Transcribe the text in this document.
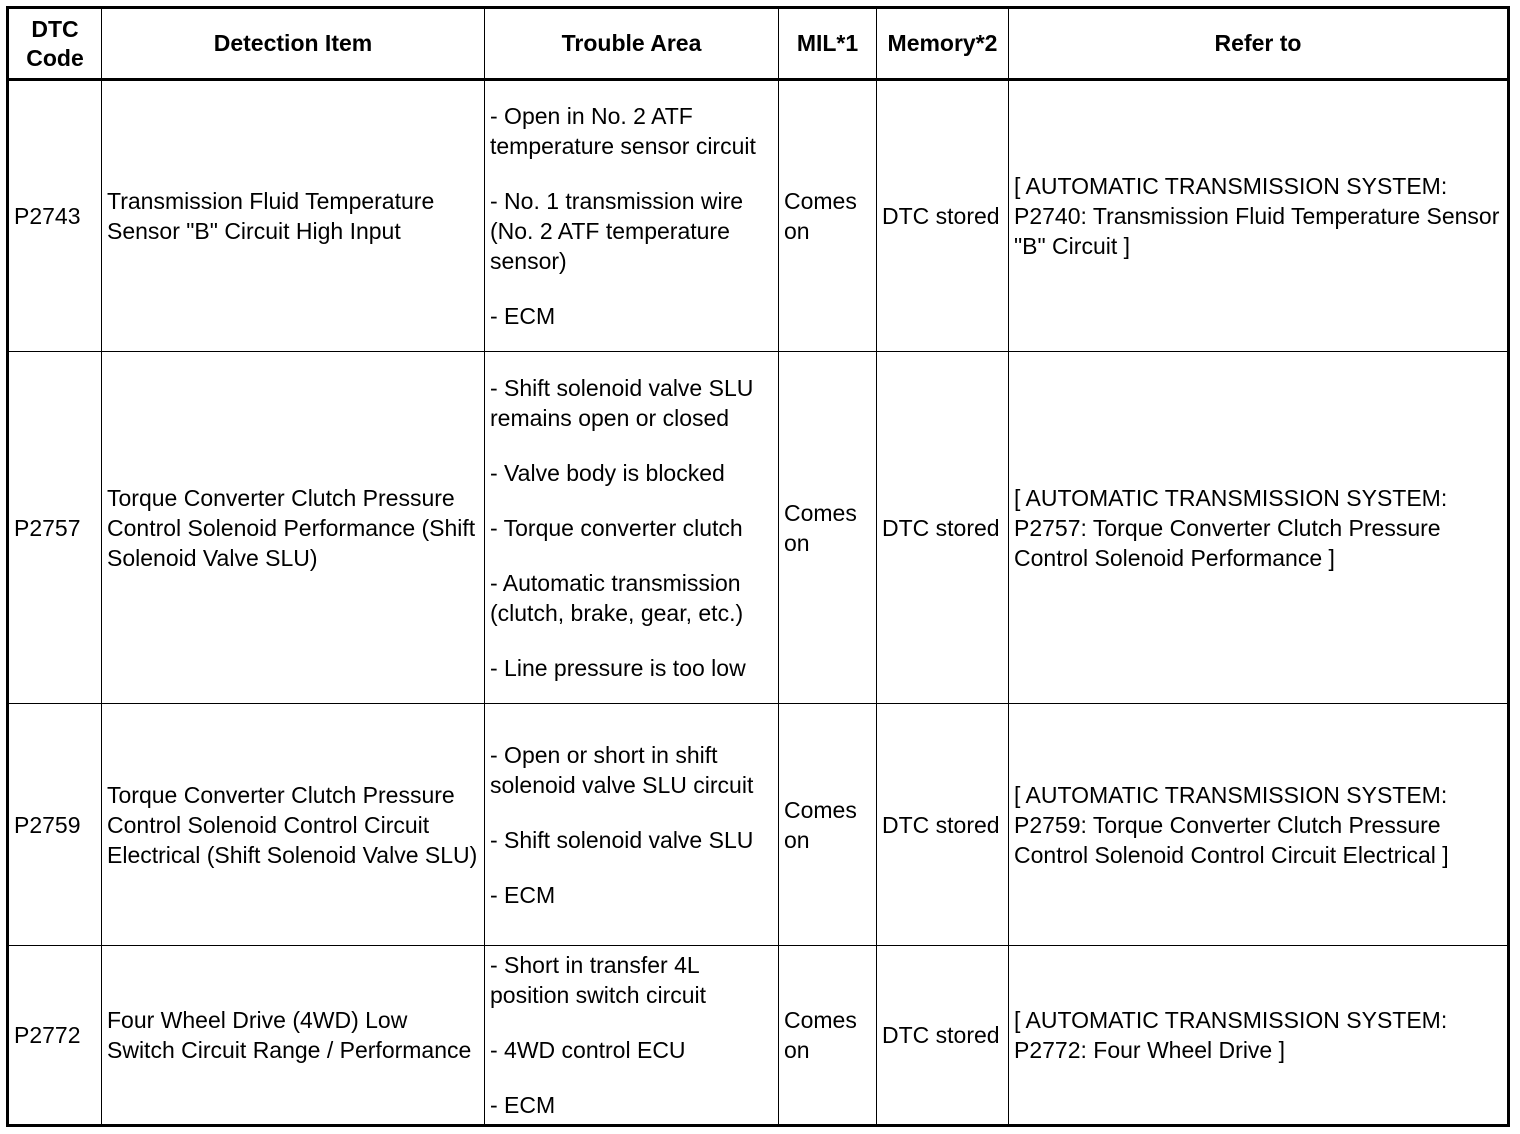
DTC
Code	Detection Item	Trouble Area	MIL*1	Memory*2	Refer to
P2743	Transmission Fluid Temperature Sensor "B" Circuit High Input	- Open in No. 2 ATF temperature sensor circuit
- No. 1 transmission wire (No. 2 ATF temperature sensor)
- ECM	Comes on	DTC stored	[ AUTOMATIC TRANSMISSION SYSTEM: P2740: Transmission Fluid Temperature Sensor "B" Circuit ]
P2757	Torque Converter Clutch Pressure Control Solenoid Performance (Shift Solenoid Valve SLU)	- Shift solenoid valve SLU remains open or closed
- Valve body is blocked
- Torque converter clutch
- Automatic transmission (clutch, brake, gear, etc.)
- Line pressure is too low	Comes on	DTC stored	[ AUTOMATIC TRANSMISSION SYSTEM: P2757: Torque Converter Clutch Pressure Control Solenoid Performance ]
P2759	Torque Converter Clutch Pressure Control Solenoid Control Circuit Electrical (Shift Solenoid Valve SLU)	- Open or short in shift solenoid valve SLU circuit
- Shift solenoid valve SLU
- ECM	Comes on	DTC stored	[ AUTOMATIC TRANSMISSION SYSTEM: P2759: Torque Converter Clutch Pressure Control Solenoid Control Circuit Electrical ]
P2772	Four Wheel Drive (4WD) Low Switch Circuit Range / Performance	- Short in transfer 4L position switch circuit
- 4WD control ECU
- ECM	Comes on	DTC stored	[ AUTOMATIC TRANSMISSION SYSTEM: P2772: Four Wheel Drive ]
